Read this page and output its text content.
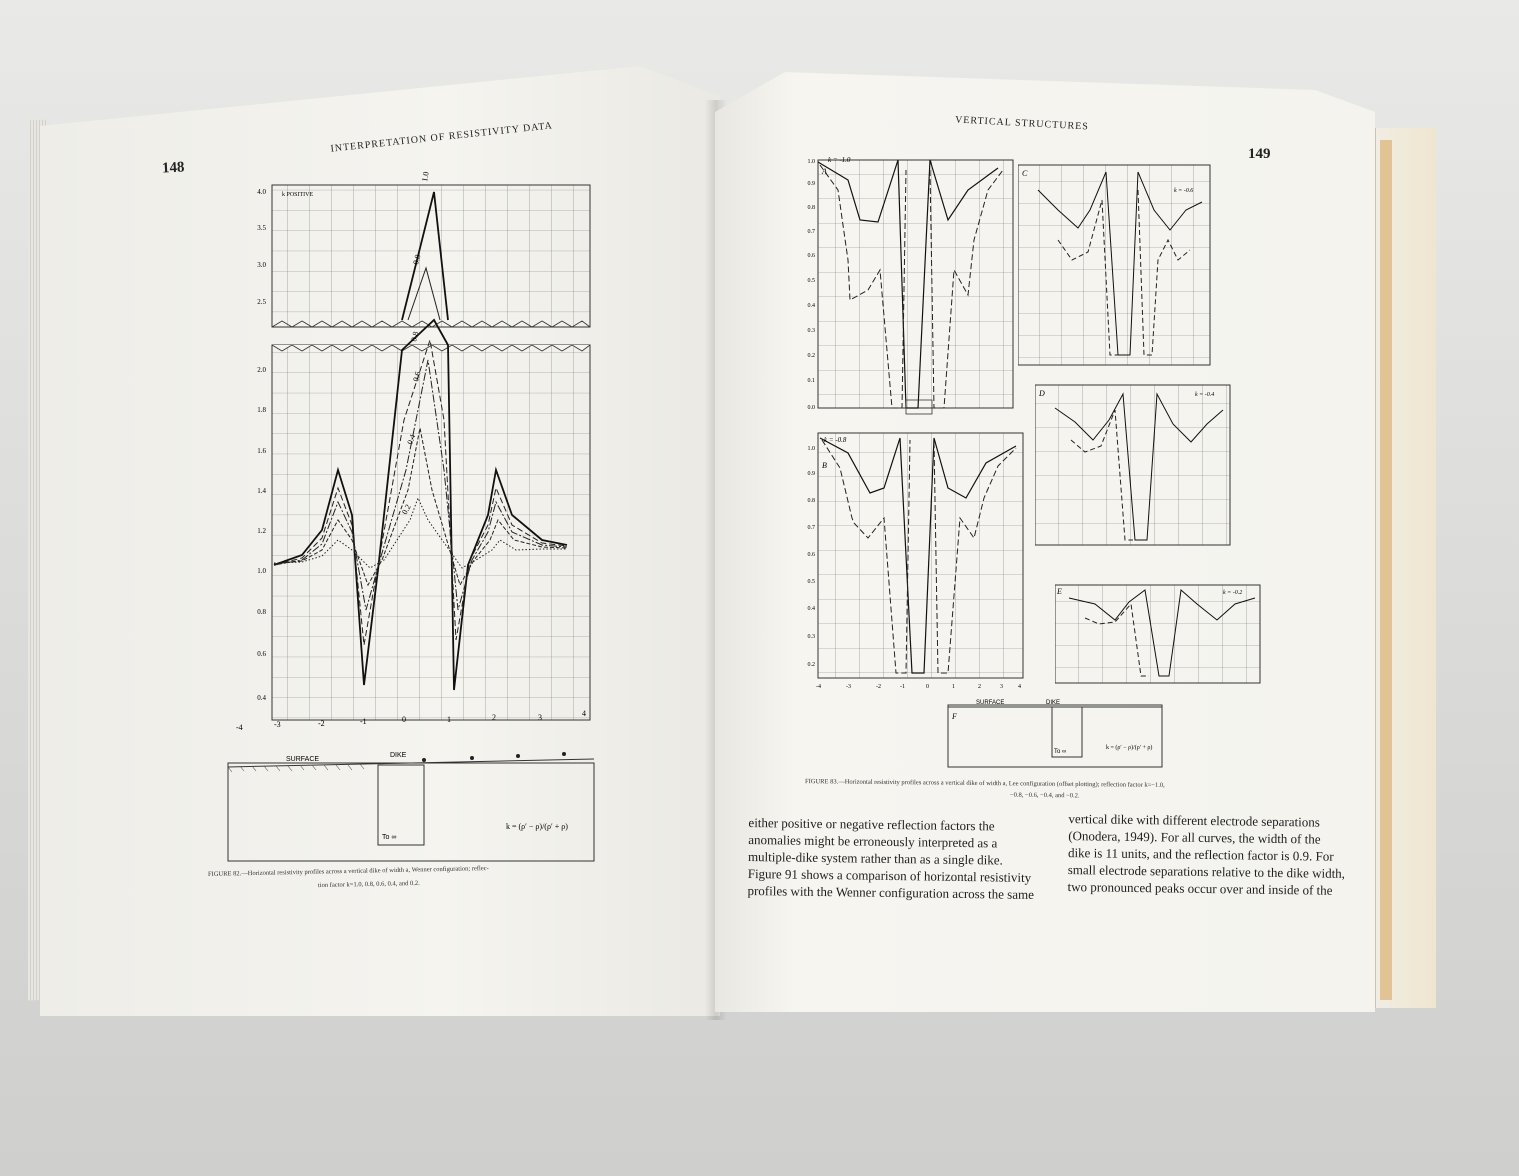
148
INTERPRETATION OF RESISTIVITY DATA
1.0
0.8
k POSITIVE
4.0
3.5
3.0
2.5
0.8
0.6
0.4
0.2
2.0
1.8
1.6
1.4
1.2
1.0
0.8
0.6
0.4
-4	-3	-2	-1	0	1	2	3	4
SURFACE
DIKE
To ∞
k = (ρ′ − ρ)/(ρ′ + ρ)
FIGURE 82.—Horizontal resistivity profiles across a vertical dike of width a, Wenner configuration; reflec-
tion factor k=1.0, 0.8, 0.6, 0.4, and 0.2.
VERTICAL STRUCTURES
149
A
k = -1.0
1.0
0.9
0.8
0.7
0.6
0.5
0.4
0.3
0.2
0.1
0.0
B
k = -0.8
1.0
0.9
0.8
0.7
0.6
0.5
0.4
0.3
0.2
-4	-3	-2	-1	0	1	2	3	4
C
k = -0.6
D	k = -0.4
E	k = -0.2
F
SURFACE	DIKE
To ∞
k = (ρ′ − ρ)/(ρ′ + ρ)
FIGURE 83.—Horizontal resistivity profiles across a vertical dike of width a, Lee configuration (offset plotting); reflection factor k=−1.0,
−0.8, −0.6, −0.4, and −0.2.
either positive or negative reflection factors the
anomalies might be erroneously interpreted as a
multiple-dike system rather than as a single dike.
Figure 91 shows a comparison of horizontal resistivity
profiles with the Wenner configuration across the same
vertical dike with different electrode separations
(Onodera, 1949). For all curves, the width of the
dike is 11 units, and the reflection factor is 0.9. For
small electrode separations relative to the dike width,
two pronounced peaks occur over and inside of the
